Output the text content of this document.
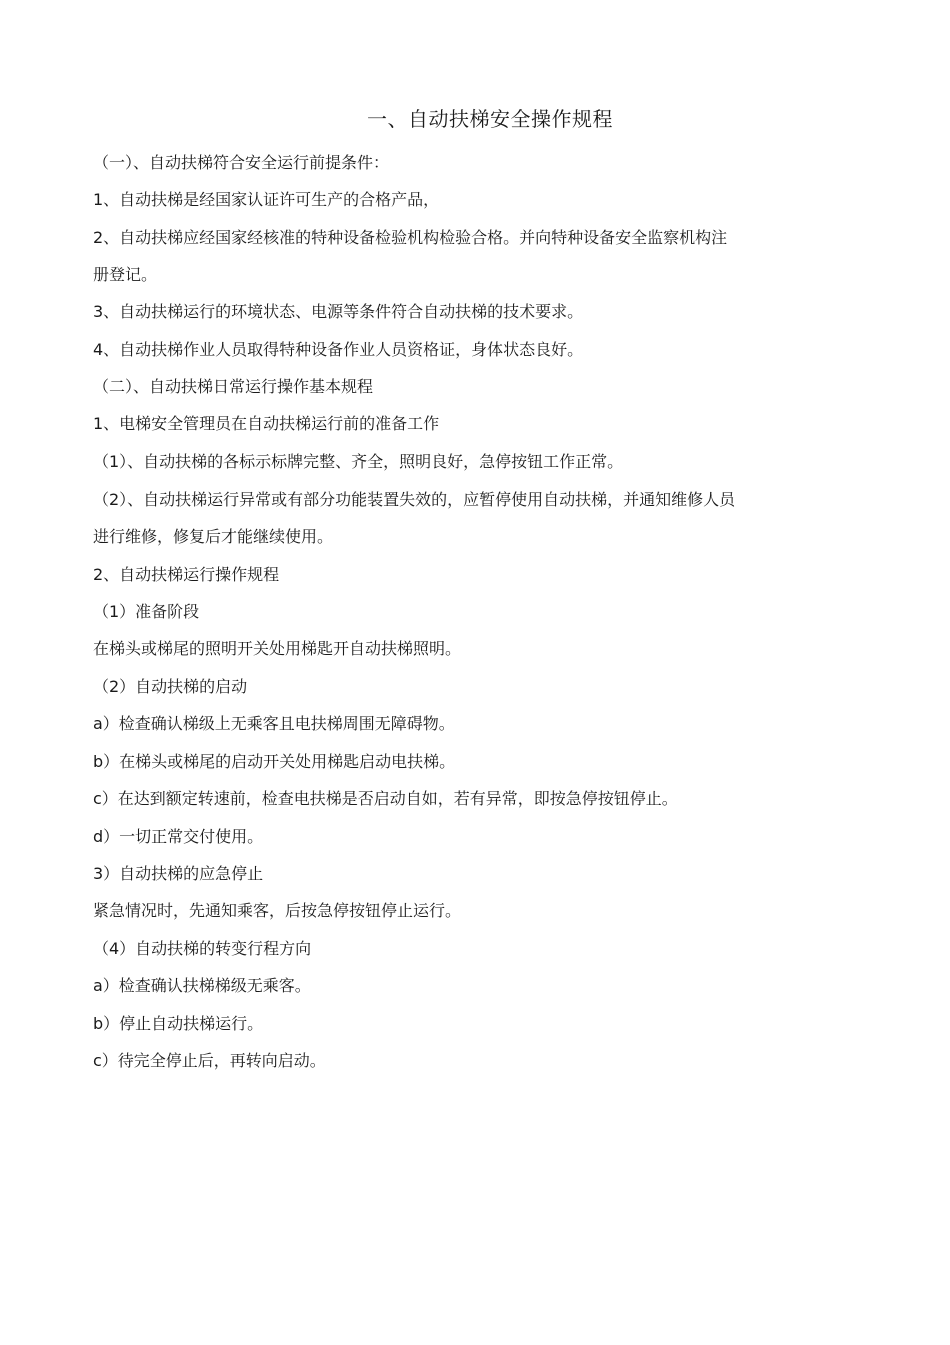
一、自动扶梯安全操作规程
（一）、自动扶梯符合安全运行前提条件：
1、自动扶梯是经国家认证许可生产的合格产品，
2、自动扶梯应经国家经核准的特种设备检验机构检验合格。并向特种设备安全监察机构注
册登记。
3、自动扶梯运行的环境状态、电源等条件符合自动扶梯的技术要求。
4、自动扶梯作业人员取得特种设备作业人员资格证，身体状态良好。
（二）、自动扶梯日常运行操作基本规程
1、电梯安全管理员在自动扶梯运行前的准备工作
（1）、自动扶梯的各标示标牌完整、齐全，照明良好，急停按钮工作正常。
（2）、自动扶梯运行异常或有部分功能装置失效的，应暂停使用自动扶梯，并通知维修人员
进行维修，修复后才能继续使用。
2、自动扶梯运行操作规程
（1）准备阶段
在梯头或梯尾的照明开关处用梯匙开自动扶梯照明。
（2）自动扶梯的启动
a）检查确认梯级上无乘客且电扶梯周围无障碍物。
b）在梯头或梯尾的启动开关处用梯匙启动电扶梯。
c）在达到额定转速前，检查电扶梯是否启动自如，若有异常，即按急停按钮停止。
d）一切正常交付使用。
3）自动扶梯的应急停止
紧急情况时，先通知乘客，后按急停按钮停止运行。
（4）自动扶梯的转变行程方向
a）检查确认扶梯梯级无乘客。
b）停止自动扶梯运行。
c）待完全停止后，再转向启动。
